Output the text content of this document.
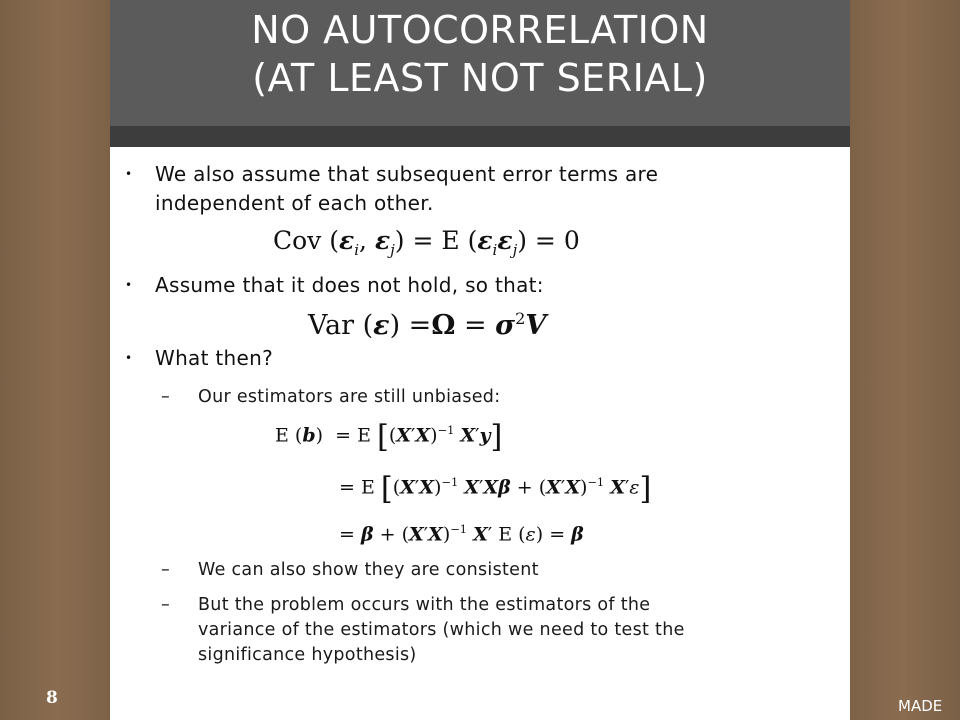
NO AUTOCORRELATION
(AT LEAST NOT SERIAL)
• We also assume that subsequent error terms are
independent of each other.
Cov ($\varepsilon_i$, $\varepsilon_j) = E$ $(\varepsilon_i\varepsilon_j) = 0$
• Assume that it does not hold, so that:
Var $(\varepsilon) =\Omega = \sigma^2V$
• What then?
– Our estimators are still unbiased:
E (b)  = E [$(X'X)^{-1}$ X′y]
= E [$(X'X)^{-1}$ $X'X\beta + (X'X)^{-1}$ X′ε]
= $\beta + (X'X)^{-1}$ X′ E (ε) = β
– We can also show they are consistent
– But the problem occurs with the estimators of the
variance of the estimators (which we need to test the
significance hypothesis)
8	MADE
